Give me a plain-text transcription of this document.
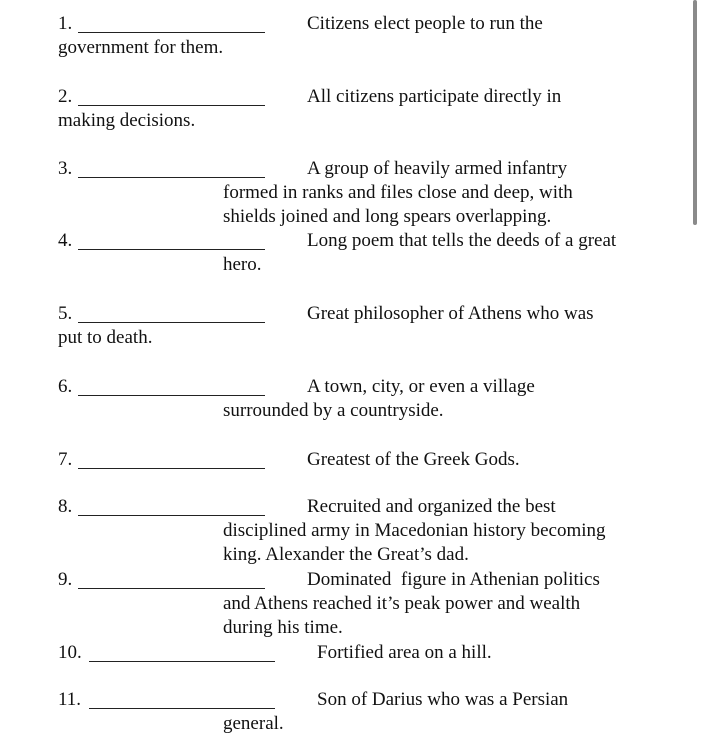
1.	Citizens elect people to run the
government for them.
2.	All citizens participate directly in
making decisions.
3.	A group of heavily armed infantry
formed in ranks and files close and deep, with
shields joined and long spears overlapping.
4.	Long poem that tells the deeds of a great
hero.
5.	Great philosopher of Athens who was
put to death.
6.	A town, city, or even a village
surrounded by a countryside.
7.	Greatest of the Greek Gods.
8.	Recruited and organized the best
disciplined army in Macedonian history becoming
king. Alexander the Great’s dad.
9.	Dominated  figure in Athenian politics
and Athens reached it’s peak power and wealth
during his time.
10.	Fortified area on a hill.
11.	Son of Darius who was a Persian
general.
